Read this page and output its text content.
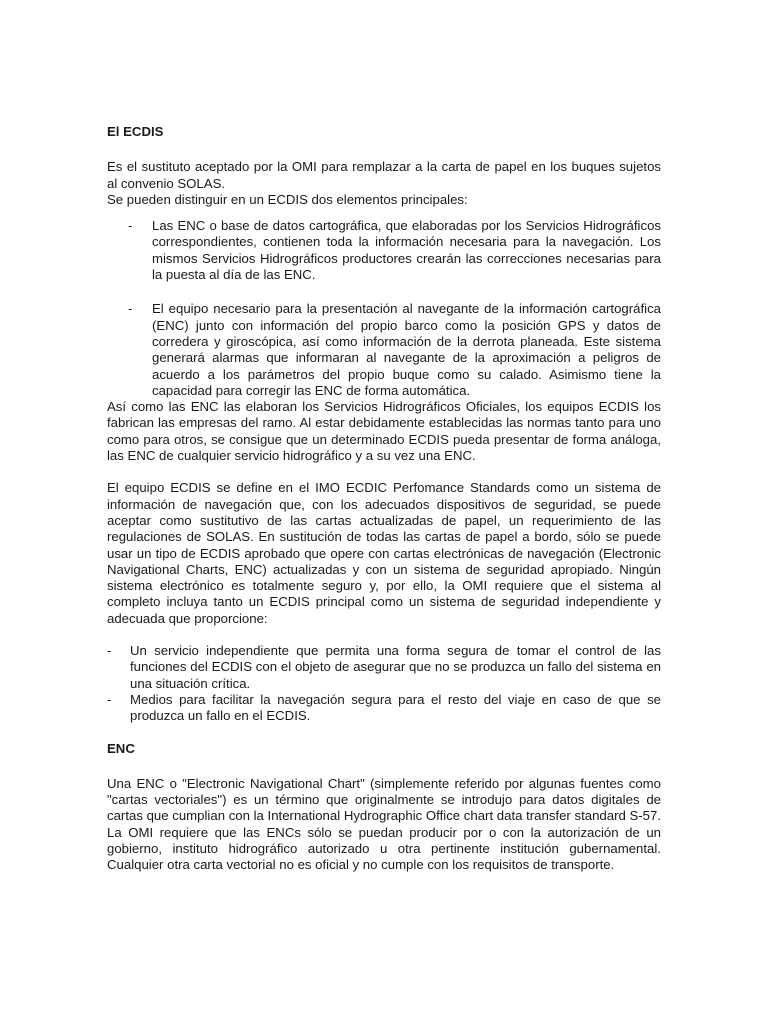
El ECDIS

Es el sustituto aceptado por la OMI para remplazar a la carta de papel en los buques sujetos al convenio SOLAS.

Se pueden distinguir en un ECDIS dos elementos principales:

- Las ENC o base de datos cartográfica, que elaboradas por los Servicios Hidrográficos correspondientes, contienen toda la información necesaria para la navegación. Los mismos Servicios Hidrográficos productores crearán las correcciones necesarias para la puesta al día de las ENC.
- El equipo necesario para la presentación al navegante de la información cartográfica (ENC) junto con información del propio barco como la posición GPS y datos de corredera y giroscópica, así como información de la derrota planeada. Este sistema generará alarmas que informaran al navegante de la aproximación a peligros de acuerdo a los parámetros del propio buque como su calado. Asimismo tiene la capacidad para corregir las ENC de forma automática.

Así como las ENC las elaboran los Servicios Hidrográficos Oficiales, los equipos ECDIS los fabrican las empresas del ramo. Al estar debidamente establecidas las normas tanto para uno como para otros, se consigue que un determinado ECDIS pueda presentar de forma análoga, las ENC de cualquier servicio hidrográfico y a su vez una ENC.

El equipo ECDIS se define en el IMO ECDIC Perfomance Standards como un sistema de información de navegación que, con los adecuados dispositivos de seguridad, se puede aceptar como sustitutivo de las cartas actualizadas de papel, un requerimiento de las regulaciones de SOLAS. En sustitución de todas las cartas de papel a bordo, sólo se puede usar un tipo de ECDIS aprobado que opere con cartas electrónicas de navegación (Electronic Navigational Charts, ENC) actualizadas y con un sistema de seguridad apropiado. Ningún sistema electrónico es totalmente seguro y, por ello, la OMI requiere que el sistema al completo incluya tanto un ECDIS principal como un sistema de seguridad independiente y adecuada que proporcione:

- Un servicio independiente que permita una forma segura de tomar el control de las funciones del ECDIS con el objeto de asegurar que no se produzca un fallo del sistema en una situación crítica.
- Medios para facilitar la navegación segura para el resto del viaje en caso de que se produzca un fallo en el ECDIS.
ENC

Una ENC o "Electronic Navigational Chart" (simplemente referido por algunas fuentes como "cartas vectoriales") es un término que originalmente se introdujo para datos digitales de cartas que cumplian con la International Hydrographic Office chart data transfer standard S-57. La OMI requiere que las ENCs sólo se puedan producir por o con la autorización de un gobierno, instituto hidrográfico autorizado u otra pertinente institución gubernamental. Cualquier otra carta vectorial no es oficial y no cumple con los requisitos de transporte.
